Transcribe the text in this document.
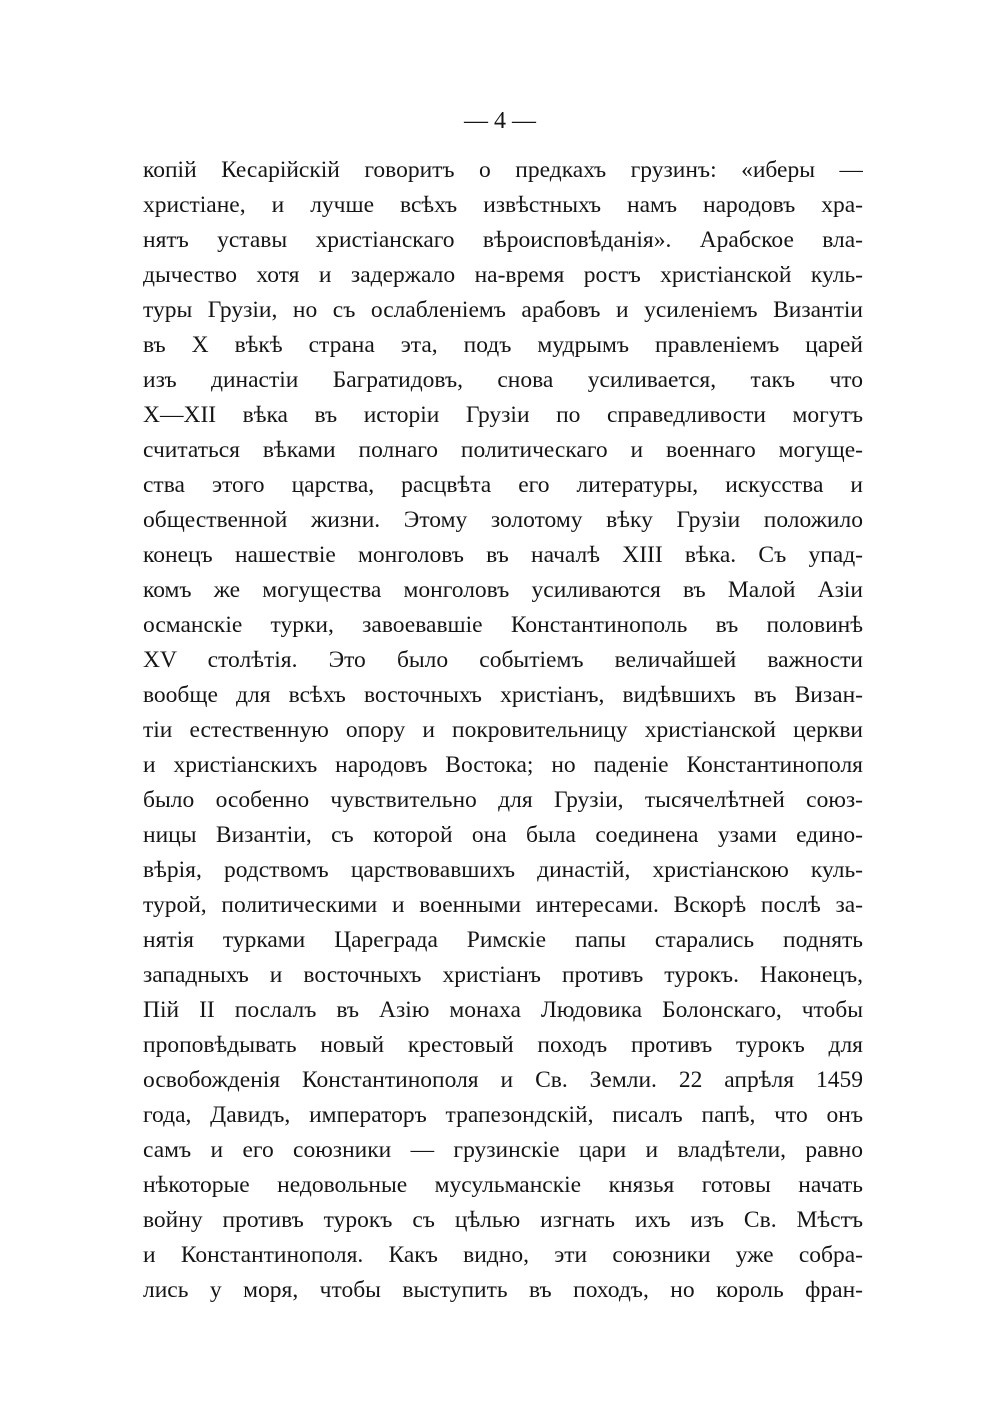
— 4 —
копій Кесарійскій говоритъ о предкахъ грузинъ: «иберы —
христіане, и лучше всѣхъ извѣстныхъ намъ народовъ хра-
нятъ уставы христіанскаго вѣроисповѣданія». Арабское вла-
дычество хотя и задержало на-время ростъ христіанской куль-
туры Грузіи, но съ ослабленіемъ арабовъ и усиленіемъ Византіи
въ X вѣкѣ страна эта, подъ мудрымъ правленіемъ царей
изъ династіи Багратидовъ, снова усиливается, такъ что
X—XII вѣка въ исторіи Грузіи по справедливости могутъ
считаться вѣками полнаго политическаго и военнаго могуще-
ства этого царства, расцвѣта его литературы, искусства и
общественной жизни. Этому золотому вѣку Грузіи положило
конецъ нашествіе монголовъ въ началѣ XIII вѣка. Съ упад-
комъ же могущества монголовъ усиливаются въ Малой Азіи
османскіе турки, завоевавшіе Константинополь въ половинѣ
XV столѣтія. Это было событіемъ величайшей важности
вообще для всѣхъ восточныхъ христіанъ, видѣвшихъ въ Визан-
тіи естественную опору и покровительницу христіанской церкви
и христіанскихъ народовъ Востока; но паденіе Константинополя
было особенно чувствительно для Грузіи, тысячелѣтней союз-
ницы Византіи, съ которой она была соединена узами едино-
вѣрія, родствомъ царствовавшихъ династій, христіанскою куль-
турой, политическими и военными интересами. Вскорѣ послѣ за-
нятія турками Цареграда Римскіе папы старались поднять
западныхъ и восточныхъ христіанъ противъ турокъ. Наконецъ,
Пій II послалъ въ Азію монаха Людовика Болонскаго, чтобы
проповѣдывать новый крестовый походъ противъ турокъ для
освобожденія Константинополя и Св. Земли. 22 апрѣля 1459
года, Давидъ, императоръ трапезондскій, писалъ папѣ, что онъ
самъ и его союзники — грузинскіе цари и владѣтели, равно
нѣкоторые недовольные мусульманскіе князья готовы начать
войну противъ турокъ съ цѣлью изгнать ихъ изъ Св. Мѣстъ
и Константинополя. Какъ видно, эти союзники уже собра-
лись у моря, чтобы выступить въ походъ, но король фран-
